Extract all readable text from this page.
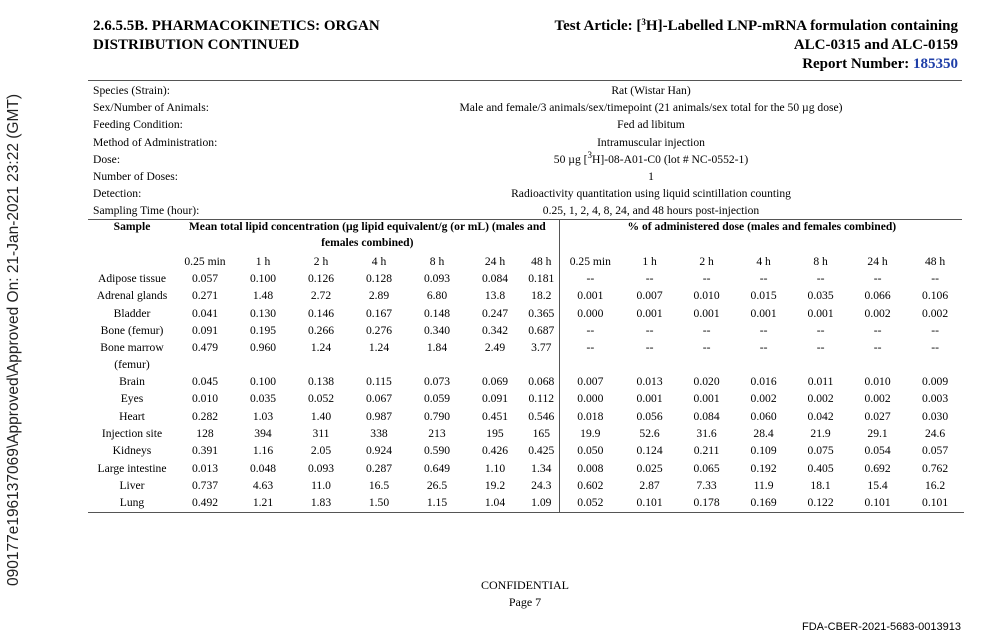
090177e196137069\Approved\Approved On: 21-Jan-2021 23:22 (GMT)
2.6.5.5B. PHARMACOKINETICS: ORGAN
DISTRIBUTION CONTINUED
Test Article: [$^3$H]-Labelled LNP-mRNA formulation containing
ALC-0315 and ALC-0159
Report Number: 185350
Species (Strain):	Rat (Wistar Han)
Sex/Number of Animals:	Male and female/3 animals/sex/timepoint (21 animals/sex total for the 50 µg dose)
Feeding Condition:	Fed ad libitum
Method of Administration:	Intramuscular injection
Dose:	50 µg [$^3$H]-08-A01-C0 (lot # NC-0552-1)
Number of Doses:	1
Detection:	Radioactivity quantitation using liquid scintillation counting
Sampling Time (hour):	0.25, 1, 2, 4, 8, 24, and 48 hours post-injection
Sample	Mean total lipid concentration (µg lipid equivalent/g (or mL) (males and females combined)							% of administered dose (males and females combined)						
	0.25 min	1 h	2 h	4 h	8 h	24 h	48 h	0.25 min	1 h	2 h	4 h	8 h	24 h	48 h

Adipose tissue	0.057	0.100	0.126	0.128	0.093	0.084	0.181	--	--	--	--	--	--	--

Adrenal glands	0.271	1.48	2.72	2.89	6.80	13.8	18.2	0.001	0.007	0.010	0.015	0.035	0.066	0.106

Bladder	0.041	0.130	0.146	0.167	0.148	0.247	0.365	0.000	0.001	0.001	0.001	0.001	0.002	0.002

Bone (femur)	0.091	0.195	0.266	0.276	0.340	0.342	0.687	--	--	--	--	--	--	--

Bone marrow
(femur)	0.479	0.960	1.24	1.24	1.84	2.49	3.77	--	--	--	--	--	--	--

Brain	0.045	0.100	0.138	0.115	0.073	0.069	0.068	0.007	0.013	0.020	0.016	0.011	0.010	0.009

Eyes	0.010	0.035	0.052	0.067	0.059	0.091	0.112	0.000	0.001	0.001	0.002	0.002	0.002	0.003

Heart	0.282	1.03	1.40	0.987	0.790	0.451	0.546	0.018	0.056	0.084	0.060	0.042	0.027	0.030

Injection site	128	394	311	338	213	195	165	19.9	52.6	31.6	28.4	21.9	29.1	24.6

Kidneys	0.391	1.16	2.05	0.924	0.590	0.426	0.425	0.050	0.124	0.211	0.109	0.075	0.054	0.057

Large intestine	0.013	0.048	0.093	0.287	0.649	1.10	1.34	0.008	0.025	0.065	0.192	0.405	0.692	0.762

Liver	0.737	4.63	11.0	16.5	26.5	19.2	24.3	0.602	2.87	7.33	11.9	18.1	15.4	16.2

Lung	0.492	1.21	1.83	1.50	1.15	1.04	1.09	0.052	0.101	0.178	0.169	0.122	0.101	0.101
CONFIDENTIAL
Page 7
FDA-CBER-2021-5683-0013913
